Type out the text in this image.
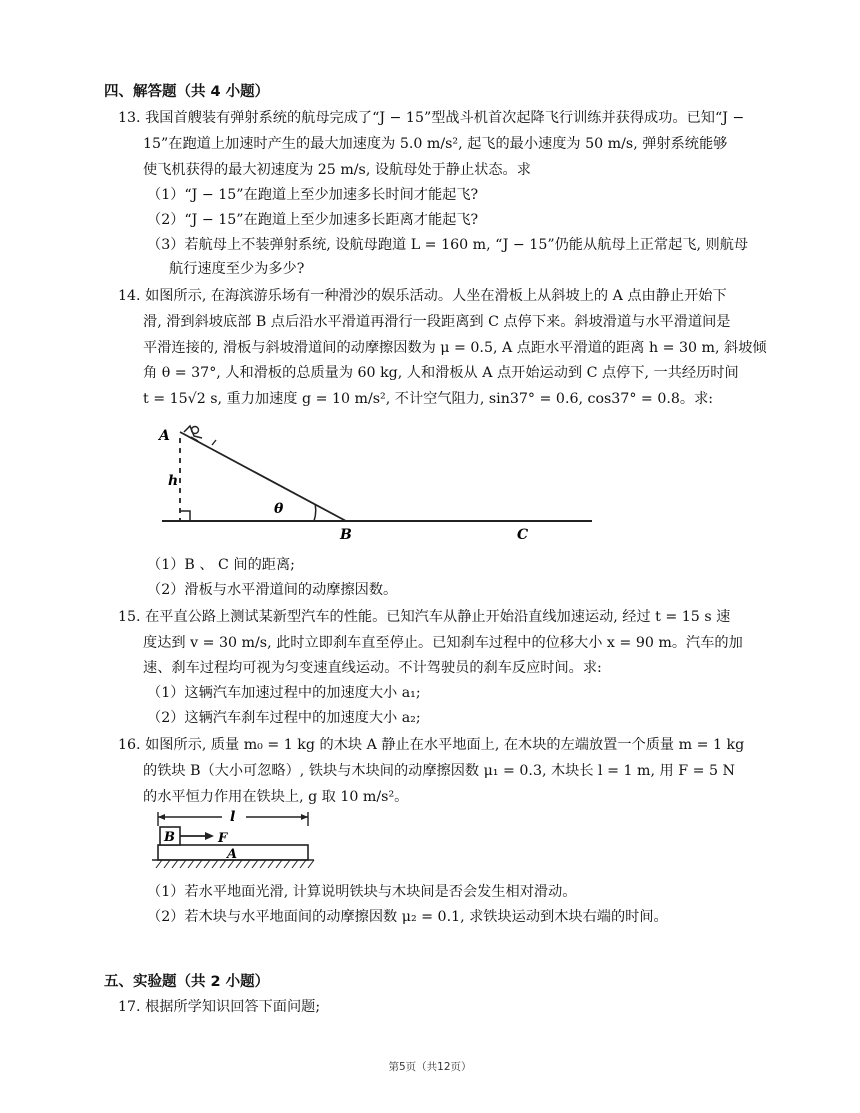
四、解答题（共 4 小题）
13. 我国首艘装有弹射系统的航母完成了“J − 15”型战斗机首次起降飞行训练并获得成功。已知“J −
15”在跑道上加速时产生的最大加速度为 5.0 m/s², 起飞的最小速度为 50 m/s, 弹射系统能够
使飞机获得的最大初速度为 25 m/s, 设航母处于静止状态。求
（1）“J − 15”在跑道上至少加速多长时间才能起飞?
（2）“J − 15”在跑道上至少加速多长距离才能起飞?
（3）若航母上不装弹射系统, 设航母跑道 L = 160 m, “J − 15”仍能从航母上正常起飞, 则航母
航行速度至少为多少?
14. 如图所示, 在海滨游乐场有一种滑沙的娱乐活动。人坐在滑板上从斜坡上的 A 点由静止开始下
滑, 滑到斜坡底部 B 点后沿水平滑道再滑行一段距离到 C 点停下来。斜坡滑道与水平滑道间是
平滑连接的, 滑板与斜坡滑道间的动摩擦因数为 μ = 0.5, A 点距水平滑道的距离 h = 30 m, 斜坡倾
角 θ = 37°, 人和滑板的总质量为 60 kg, 人和滑板从 A 点开始运动到 C 点停下, 一共经历时间
t = 15√2 s, 重力加速度 g = 10 m/s², 不计空气阻力, sin37° = 0.6, cos37° = 0.8。求:
A
h
θ
B	C
（1）B 、 C 间的距离;
（2）滑板与水平滑道间的动摩擦因数。
15. 在平直公路上测试某新型汽车的性能。已知汽车从静止开始沿直线加速运动, 经过 t = 15 s 速
度达到 v = 30 m/s, 此时立即刹车直至停止。已知刹车过程中的位移大小 x = 90 m。汽车的加
速、刹车过程均可视为匀变速直线运动。不计驾驶员的刹车反应时间。求:
（1）这辆汽车加速过程中的加速度大小 a₁;
（2）这辆汽车刹车过程中的加速度大小 a₂;
16. 如图所示, 质量 m₀ = 1 kg 的木块 A 静止在水平地面上, 在木块的左端放置一个质量 m = 1 kg
的铁块 B（大小可忽略）, 铁块与木块间的动摩擦因数 μ₁ = 0.3, 木块长 l = 1 m, 用 F = 5 N
的水平恒力作用在铁块上, g 取 10 m/s²。
l
B	F
A
（1）若水平地面光滑, 计算说明铁块与木块间是否会发生相对滑动。
（2）若木块与水平地面间的动摩擦因数 μ₂ = 0.1, 求铁块运动到木块右端的时间。
五、实验题（共 2 小题）
17. 根据所学知识回答下面问题;
第5页（共12页）
